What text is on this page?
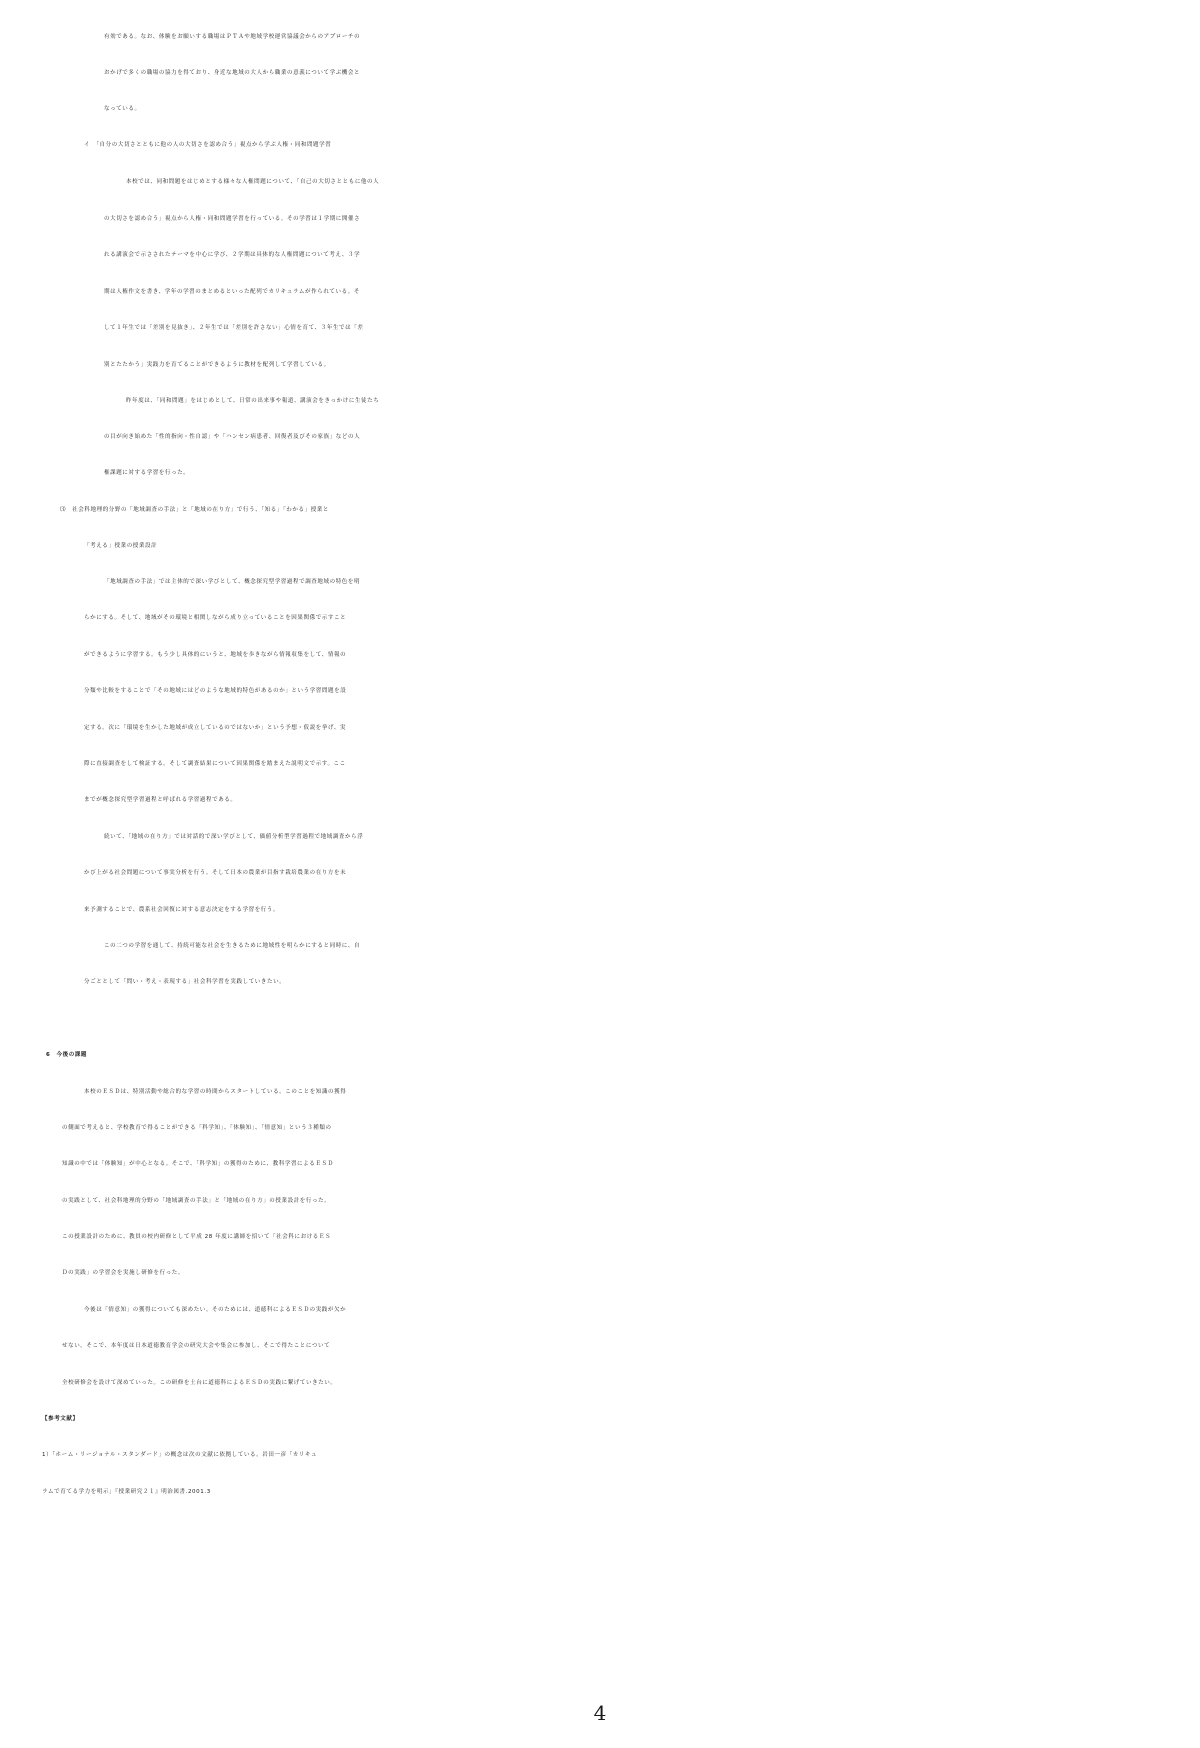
有効である。なお、体験をお願いする職場はＰＴＡや地域学校運営協議会からのアプローチの
おかげで多くの職場の協力を得ており、身近な地域の大人から職業の意義について学ぶ機会と
なっている。
イ　「自分の大切さとともに他の人の大切さを認め合う」視点から学ぶ人権・同和問題学習
本校では、同和問題をはじめとする様々な人権問題について、「自己の大切さとともに他の人
の大切さを認め合う」視点から人権・同和問題学習を行っている。その学習は１学期に開催さ
れる講演会で示さされたテーマを中心に学び、２学期は具体的な人権問題について考え、３学
期は人権作文を書き、学年の学習のまとめるといった配列でカリキュラムが作られている。そ
して１年生では「差別を見抜き」、２年生では「差別を許さない」心情を育て、３年生では「差
別とたたかう」実践力を育てることができるように教材を配列して学習している。
昨年度は、「同和問題」をはじめとして、日常の出来事や報道、講演会をきっかけに生徒たち
の目が向き始めた「性的指向・性自認」や「ハンセン病患者、回復者及びその家族」などの人
権課題に対する学習を行った。
⑶　社会科地理的分野の「地域調査の手法」と「地域の在り方」で行う、「知る」「わかる」授業と
「考える」授業の授業設計
「地域調査の手法」では主体的で深い学びとして、概念探究型学習過程で調査地域の特色を明
らかにする。そして、地域がその環境と相関しながら成り立っていることを因果関係で示すこと
ができるように学習する。もう少し具体的にいうと、地域を歩きながら情報収集をして、情報の
分類や比較をすることで「その地域にはどのような地域的特色があるのか」という学習問題を設
定する。次に「環境を生かした地域が成立しているのではないか」という予想・仮説を挙げ、実
際に直接調査をして検証する。そして調査結果について因果関係を踏まえた説明文で示す。ここ
までが概念探究型学習過程と呼ばれる学習過程である。
続いて、「地域の在り方」では対話的で深い学びとして、価値分析型学習過程で地域調査から浮
かび上がる社会問題について事実分析を行う。そして日本の農業が目指す栽培農業の在り方を未
来予測することで、農系社会回復に対する意志決定をする学習を行う。
この二つの学習を通して、持続可能な社会を生きるために地域性を明らかにすると同時に、自
分ごととして「問い・考え・表現する」社会科学習を実践していきたい。
6　今後の課題
本校のＥＳＤは、特別活動や総合的な学習の時間からスタートしている。このことを知識の獲得
の側面で考えると、学校教育で得ることができる「科学知」、「体験知」、「情意知」という３種類の
知識の中では「体験知」が中心となる。そこで、「科学知」の獲得のために、教科学習によるＥＳＤ
の実践として、社会科地理的分野の「地域調査の手法」と「地域の在り方」の授業設計を行った。
この授業設計のために、教員の校内研修として平成 28 年度に講師を招いて「社会科におけるＥＳ
Ｄの実践」の学習会を実施し研修を行った。
今後は「情意知」の獲得についても深めたい。そのためには、道徳科によるＥＳＤの実践が欠か
せない。そこで、本年度は日本道徳教育学会の研究大会や集会に参加し、そこで得たことについて
全校研修会を設けて深めていった。この研修を土台に道徳科によるＥＳＤの実践に繋げていきたい。
【参考文献】
1）「ホーム・リージョナル・スタンダード」の概念は次の文献に依拠している。岩田一彦「カリキュ
ラムで育てる学力を明示」『授業研究２１』明治図書.2001.3
4
